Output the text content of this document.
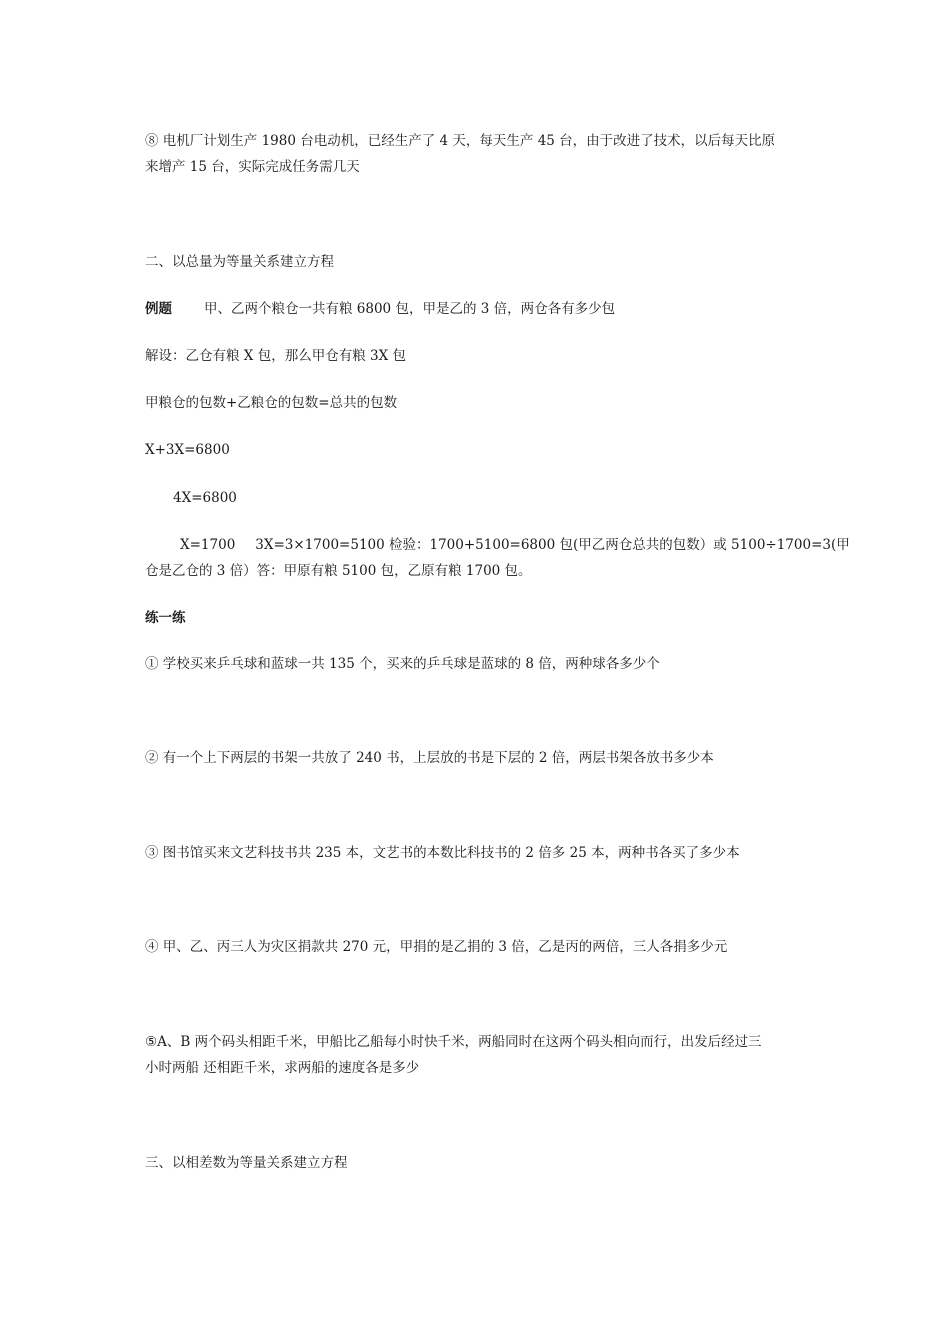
⑧ 电机厂计划生产 1980 台电动机，已经生产了 4 天，每天生产 45 台，由于改进了技术，以后每天比原
来增产 15 台，实际完成任务需几天
二、以总量为等量关系建立方程
例题 甲、乙两个粮仓一共有粮 6800 包，甲是乙的 3 倍，两仓各有多少包
解设：乙仓有粮 X 包，那么甲仓有粮 3X 包
甲粮仓的包数+乙粮仓的包数=总共的包数
X+3X=6800
4X=6800
X=1700 3X=3×1700=5100 检验：1700+5100=6800 包(甲乙两仓总共的包数）或 5100÷1700=3(甲
仓是乙仓的 3 倍）答：甲原有粮 5100 包，乙原有粮 1700 包。
练一练
① 学校买来乒乓球和蓝球一共 135 个，买来的乒乓球是蓝球的 8 倍，两种球各多少个
② 有一个上下两层的书架一共放了 240 书，上层放的书是下层的 2 倍，两层书架各放书多少本
③ 图书馆买来文艺科技书共 235 本，文艺书的本数比科技书的 2 倍多 25 本，两种书各买了多少本
④ 甲、乙、丙三人为灾区捐款共 270 元，甲捐的是乙捐的 3 倍，乙是丙的两倍，三人各捐多少元
⑤A、B 两个码头相距千米，甲船比乙船每小时快千米，两船同时在这两个码头相向而行，出发后经过三
小时两船 还相距千米，求两船的速度各是多少
三、以相差数为等量关系建立方程
